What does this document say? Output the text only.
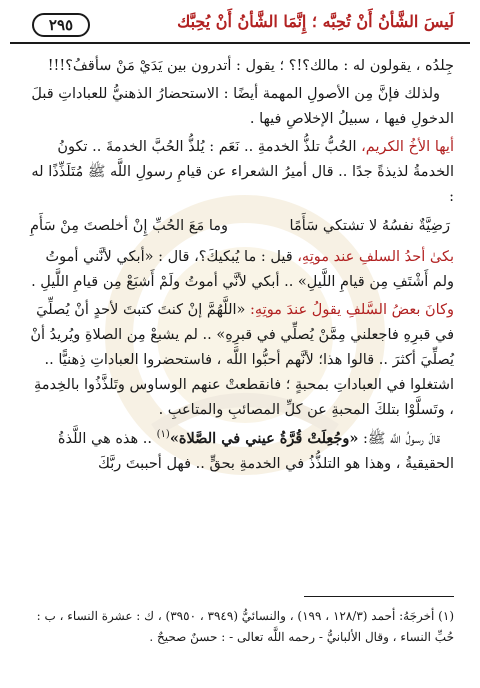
لَيسَ الشَّأنُ أَنْ تُحِبَّه ؛ إِنَّمَا الشَّأنُ أَنْ يُحِبَّك
٢٩٥

جِلدُه ، يقولون له : مالك؟!؟ ؛ يقول : أتدرون بين يَدَيْ مَنْ سأقفُ؟!!!

ولذلك فإنَّ مِن الأصولِ المهمة أيضًا : الاستحضارُ الذهنيُّ للعباداتِ قبلَ الدخولِ فيها ، سبيلُ الإخلاصِ فيها .

أيها الأخُ الكريم، الحُبُّ تلذُّ الخدمةِ .. نَعَم : يُلذُّ الحُبَّ الخدمةَ .. تكونُ الخدمةُ لذيذةً جدًا .. قال أميرُ الشعراء عن قيامِ رسولِ اللَّه ﷺ مُتَلَذِّذًا له :

رَضِيَّةٌ نفسُهُ لا تشتكي سَأَمًا
وما مَعَ الحُبِّ إِنْ أخلصتَ مِنْ سَأَمِ

بكىٰ أحدُ السلفِ عند موتِهِ، قيل : ما يُبكيكَ؟، قال : «أبكي لأنَّني أموتُ ولم أَشْتَفِ مِن قيامِ اللَّيلِ» .. أبكي لأنَّي أموتُ ولَمْ أَشبَعْ مِن قيامِ اللَّيلِ .

وكانَ بعضُ السَّلفِ يقولُ عندَ موتِهِ: «اللَّهُمَّ إنْ كنتَ كتبتَ لأحدٍ أنْ يُصلِّيَ في قبرِهِ فاجعلني مِمَّنْ يُصلِّي في قبرِهِ» .. لم يشبعْ مِن الصلاةِ ويُريدُ أنْ يُصلِّيَ أكثرَ .. قالوا هذا؛ لأنَّهم أحبُّوا اللَّه ، فاستحضروا العباداتِ ذِهنيًّا .. اشتغلوا في العباداتِ بمحبةٍ ؛ فانقطعتْ عنهم الوساوس وتَلذَّذُوا بالخِدمةِ ، وتَسلَّوْا بتلكَ المحبةِ عن كلِّ المصائبِ والمتاعبِ .

قالَ رسولُ اللَّه ﷺ: «وجُعِلَتْ قُرَّةُ عيني في الصَّلاة»$^{(١)}$ .. هذه هي اللَّذةُ الحقيقيةُ ، وهذا هو التلذُّذُ في الخدمةِ بحقٍّ .. فهل أحببتَ ربَّكَ

(١) أخرجَهُ: أحمد (١٢٨/٣ ، ١٩٩) ، والنسائيُّ (٣٩٤٩ ، ٣٩٥٠) ، ك : عشرة النساء ، ب : حُبِّ النساء ، وقال الألبانيُّ - رحمه اللَّه تعالى - : حسنٌ صحيحٌ .
